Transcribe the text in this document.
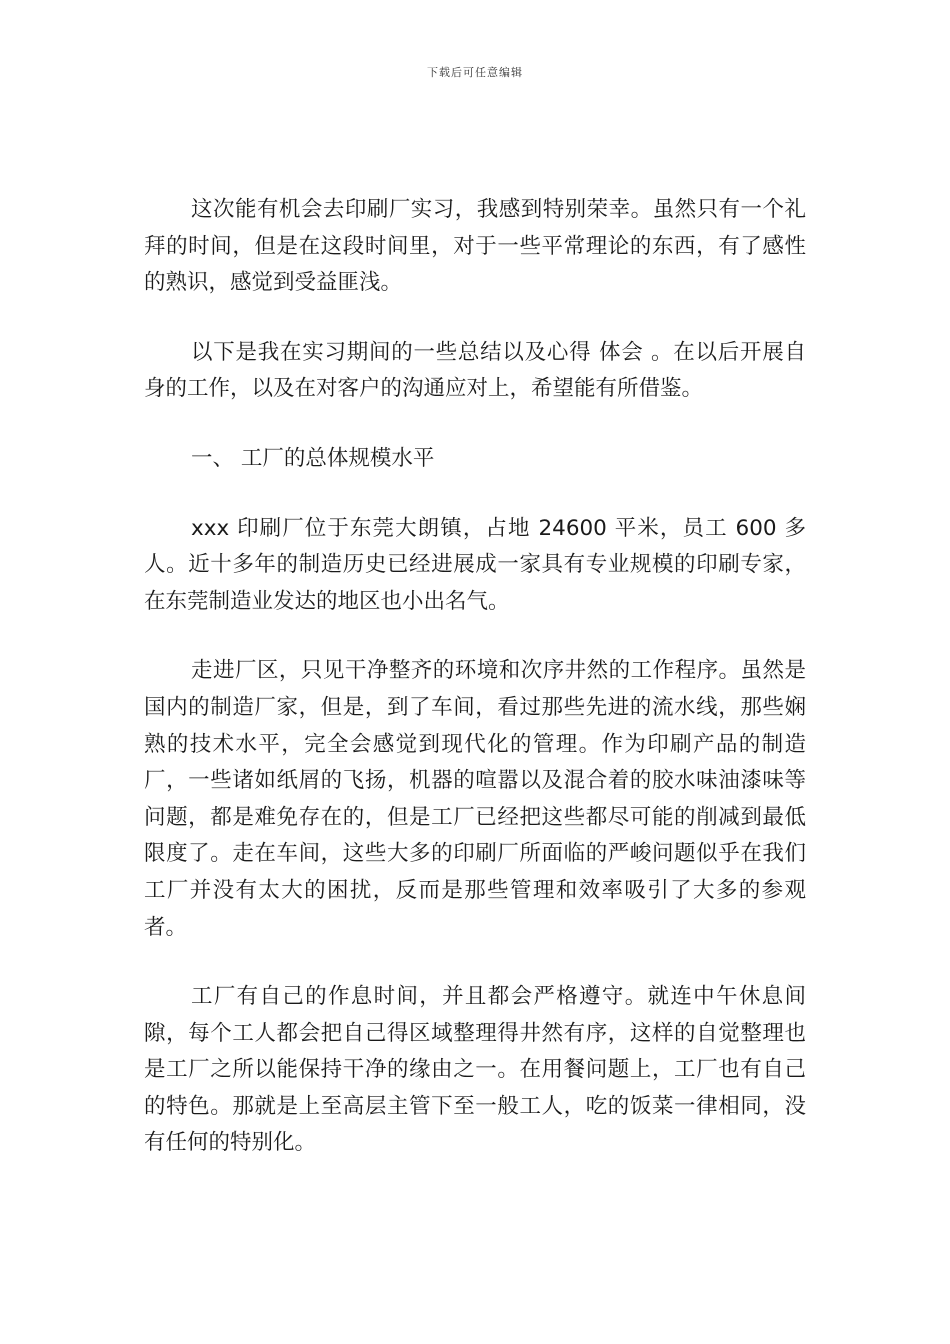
下载后可任意编辑

这次能有机会去印刷厂实习，我感到特别荣幸。虽然只有一个礼拜的时间，但是在这段时间里，对于一些平常理论的东西，有了感性的熟识，感觉到受益匪浅。

以下是我在实习期间的一些总结以及心得 体会 。在以后开展自身的工作，以及在对客户的沟通应对上，希望能有所借鉴。

一、 工厂的总体规模水平

xxx 印刷厂位于东莞大朗镇，占地 24600 平米，员工 600 多人。近十多年的制造历史已经进展成一家具有专业规模的印刷专家，在东莞制造业发达的地区也小出名气。

走进厂区，只见干净整齐的环境和次序井然的工作程序。虽然是国内的制造厂家，但是，到了车间，看过那些先进的流水线，那些娴熟的技术水平，完全会感觉到现代化的管理。作为印刷产品的制造厂，一些诸如纸屑的飞扬，机器的喧嚣以及混合着的胶水味油漆味等问题，都是难免存在的，但是工厂已经把这些都尽可能的削减到最低限度了。走在车间，这些大多的印刷厂所面临的严峻问题似乎在我们工厂并没有太大的困扰，反而是那些管理和效率吸引了大多的参观者。

工厂有自己的作息时间，并且都会严格遵守。就连中午休息间隙，每个工人都会把自己得区域整理得井然有序，这样的自觉整理也是工厂之所以能保持干净的缘由之一。在用餐问题上，工厂也有自己的特色。那就是上至高层主管下至一般工人，吃的饭菜一律相同，没有任何的特别化。
